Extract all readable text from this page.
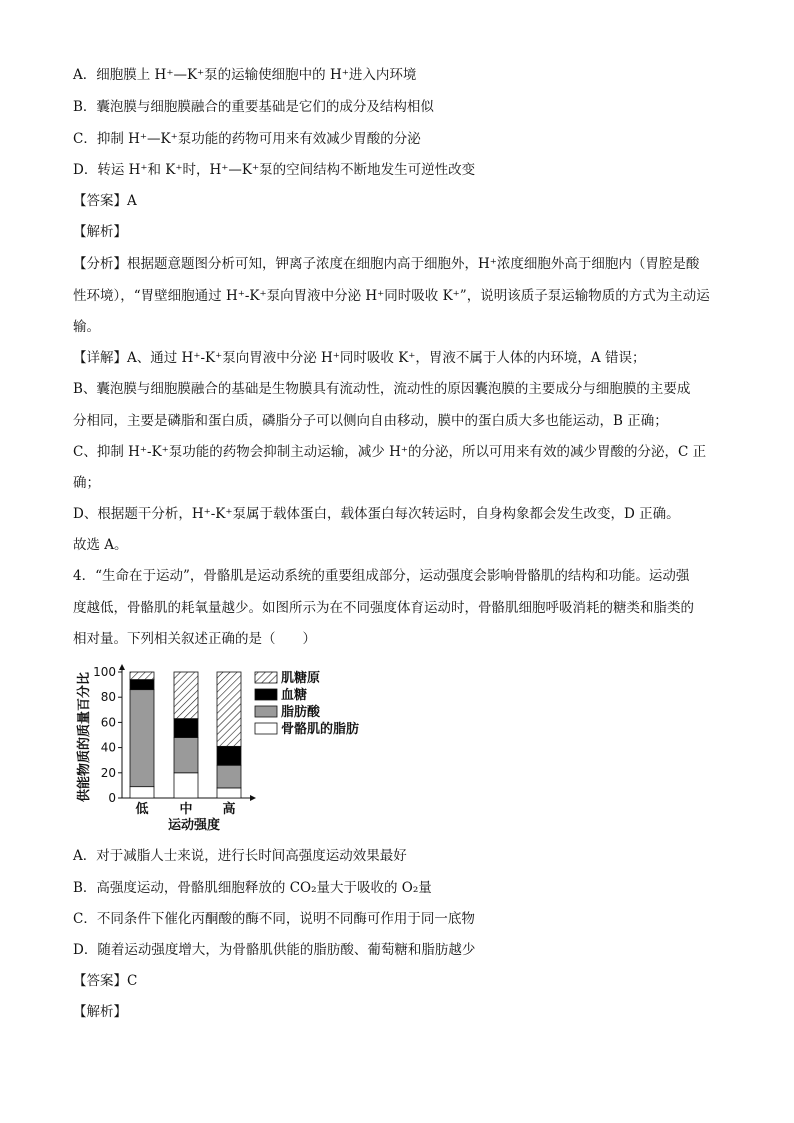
A．细胞膜上 H⁺—K⁺泵的运输使细胞中的 H⁺进入内环境
B．囊泡膜与细胞膜融合的重要基础是它们的成分及结构相似
C．抑制 H⁺—K⁺泵功能的药物可用来有效减少胃酸的分泌
D．转运 H⁺和 K⁺时，H⁺—K⁺泵的空间结构不断地发生可逆性改变
【答案】A
【解析】
【分析】根据题意题图分析可知，钾离子浓度在细胞内高于细胞外，H⁺浓度细胞外高于细胞内（胃腔是酸
性环境），“胃壁细胞通过 H⁺-K⁺泵向胃液中分泌 H⁺同时吸收 K⁺”，说明该质子泵运输物质的方式为主动运
输。
【详解】A、通过 H⁺-K⁺泵向胃液中分泌 H⁺同时吸收 K⁺，胃液不属于人体的内环境，A 错误；
B、囊泡膜与细胞膜融合的基础是生物膜具有流动性，流动性的原因囊泡膜的主要成分与细胞膜的主要成
分相同，主要是磷脂和蛋白质，磷脂分子可以侧向自由移动，膜中的蛋白质大多也能运动，B 正确；
C、抑制 H⁺-K⁺泵功能的药物会抑制主动运输，减少 H⁺的分泌，所以可用来有效的减少胃酸的分泌，C 正
确；
D、根据题干分析，H⁺-K⁺泵属于载体蛋白，载体蛋白每次转运时，自身构象都会发生改变，D 正确。
故选 A。
4．“生命在于运动”，骨骼肌是运动系统的重要组成部分，运动强度会影响骨骼肌的结构和功能。运动强
度越低，骨骼肌的耗氧量越少。如图所示为在不同强度体育运动时，骨骼肌细胞呼吸消耗的糖类和脂类的
相对量。下列相关叙述正确的是（　　）
0
20
40
60
80
100
供能物质的质量百分比
低 中 高
运动强度
肌糖原
血糖
脂肪酸
骨骼肌的脂肪
A．对于减脂人士来说，进行长时间高强度运动效果最好
B．高强度运动，骨骼肌细胞释放的 CO₂量大于吸收的 O₂量
C．不同条件下催化丙酮酸的酶不同，说明不同酶可作用于同一底物
D．随着运动强度增大，为骨骼肌供能的脂肪酸、葡萄糖和脂肪越少
【答案】C
【解析】
